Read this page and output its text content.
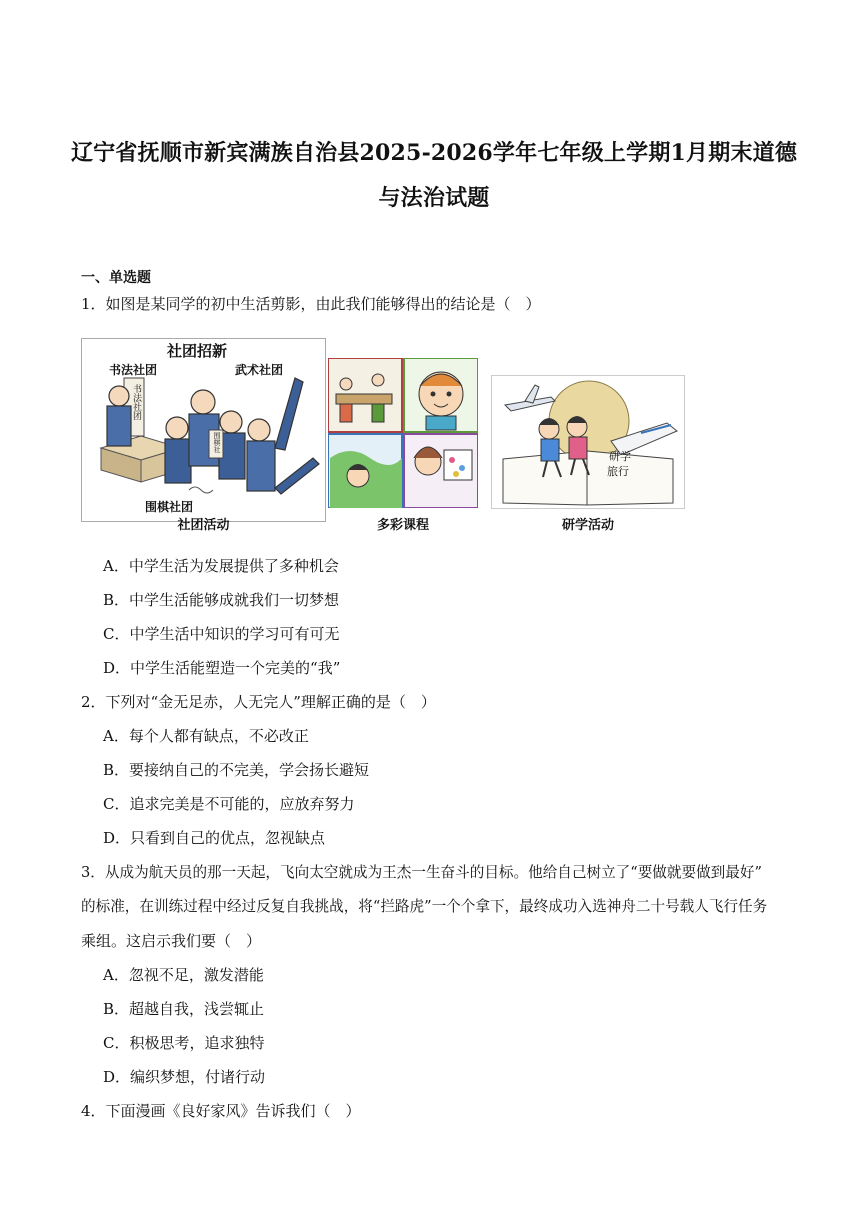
辽宁省抚顺市新宾满族自治县2025-2026学年七年级上学期1月期末道德
与法治试题
一、单选题
1．如图是某同学的初中生活剪影，由此我们能够得出的结论是（　）
社团招新
书法社团	武术社团
书法社团
围棋社
围棋社团
社团活动	多彩课程
研学
旅行
研学活动
A．中学生活为发展提供了多种机会
B．中学生活能够成就我们一切梦想
C．中学生活中知识的学习可有可无
D．中学生活能塑造一个完美的“我”
2．下列对“金无足赤，人无完人”理解正确的是（　）
A．每个人都有缺点，不必改正
B．要接纳自己的不完美，学会扬长避短
C．追求完美是不可能的，应放弃努力
D．只看到自己的优点，忽视缺点
3．从成为航天员的那一天起，飞向太空就成为王杰一生奋斗的目标。他给自己树立了“要做就要做到最好”
的标准，在训练过程中经过反复自我挑战，将“拦路虎”一个个拿下，最终成功入选神舟二十号载人飞行任务
乘组。这启示我们要（　）
A．忽视不足，激发潜能
B．超越自我，浅尝辄止
C．积极思考，追求独特
D．编织梦想，付诸行动
4．下面漫画《良好家风》告诉我们（　）
